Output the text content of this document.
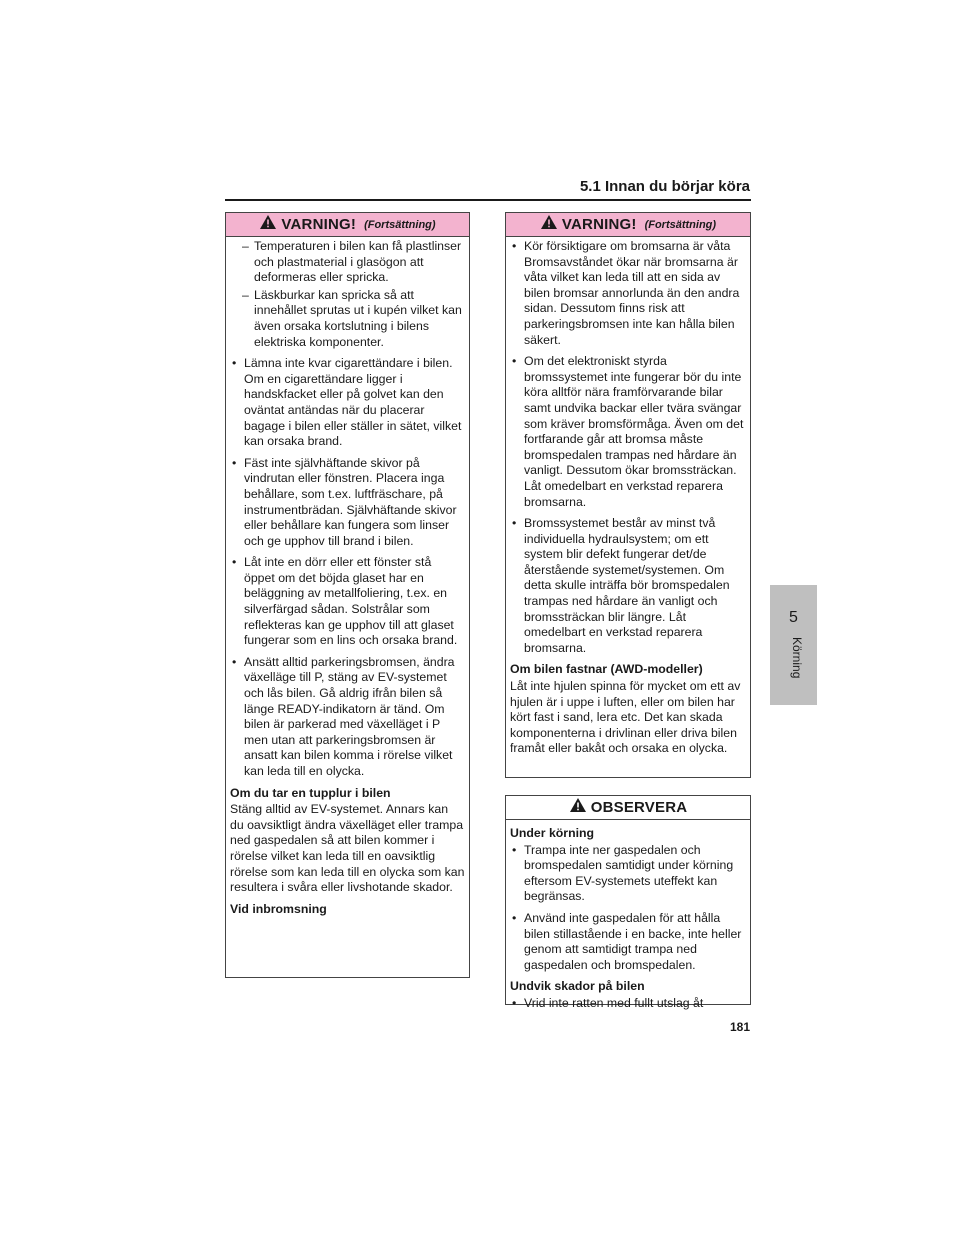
5.1 Innan du börjar köra
VARNING! (Fortsättning)
– Temperaturen i bilen kan få plastlinser och plastmaterial i glasögon att deformeras eller spricka.
– Läskburkar kan spricka så att innehållet sprutas ut i kupén vilket kan även orsaka kortslutning i bilens elektriska komponenter.
• Lämna inte kvar cigarettändare i bilen. Om en cigarettändare ligger i handskfacket eller på golvet kan den oväntat antändas när du placerar bagage i bilen eller ställer in sätet, vilket kan orsaka brand.
• Fäst inte självhäftande skivor på vindrutan eller fönstren. Placera inga behållare, som t.ex. luftfräschare, på instrumentbrädan. Självhäftande skivor eller behållare kan fungera som linser och ge upphov till brand i bilen.
• Låt inte en dörr eller ett fönster stå öppet om det böjda glaset har en beläggning av metallfoliering, t.ex. en silverfärgad sådan. Solstrålar som reflekteras kan ge upphov till att glaset fungerar som en lins och orsaka brand.
• Ansätt alltid parkeringsbromsen, ändra växelläge till P, stäng av EV-systemet och lås bilen. Gå aldrig ifrån bilen så länge READY-indikatorn är tänd. Om bilen är parkerad med växelläget i P men utan att parkeringsbromsen är ansatt kan bilen komma i rörelse vilket kan leda till en olycka.
Om du tar en tupplur i bilen
Stäng alltid av EV-systemet. Annars kan du oavsiktligt ändra växelläget eller trampa ned gaspedalen så att bilen kommer i rörelse vilket kan leda till en oavsiktlig rörelse som kan leda till en olycka som kan resultera i svåra eller livshotande skador.
Vid inbromsning
VARNING! (Fortsättning)
• Kör försiktigare om bromsarna är våta Bromsavståndet ökar när bromsarna är våta vilket kan leda till att en sida av bilen bromsar annorlunda än den andra sidan. Dessutom finns risk att parkeringsbromsen inte kan hålla bilen säkert.
• Om det elektroniskt styrda bromssystemet inte fungerar bör du inte köra alltför nära framförvarande bilar samt undvika backar eller tvära svängar som kräver bromsförmåga. Även om det fortfarande går att bromsa måste bromspedalen trampas ned hårdare än vanligt. Dessutom ökar bromssträckan. Låt omedelbart en verkstad reparera bromsarna.
• Bromssystemet består av minst två individuella hydraulsystem; om ett system blir defekt fungerar det/de återstående systemet/systemen. Om detta skulle inträffa bör bromspedalen trampas ned hårdare än vanligt och bromssträckan blir längre. Låt omedelbart en verkstad reparera bromsarna.
Om bilen fastnar (AWD-modeller)
Låt inte hjulen spinna för mycket om ett av hjulen är i uppe i luften, eller om bilen har kört fast i sand, lera etc. Det kan skada komponenterna i drivlinan eller driva bilen framåt eller bakåt och orsaka en olycka.
OBSERVERA
Under körning
• Trampa inte ner gaspedalen och bromspedalen samtidigt under körning eftersom EV-systemets uteffekt kan begränsas.
• Använd inte gaspedalen för att hålla bilen stillastående i en backe, inte heller genom att samtidigt trampa ned gaspedalen och bromspedalen.
Undvik skador på bilen
• Vrid inte ratten med fullt utslag åt
5
Körning
181
